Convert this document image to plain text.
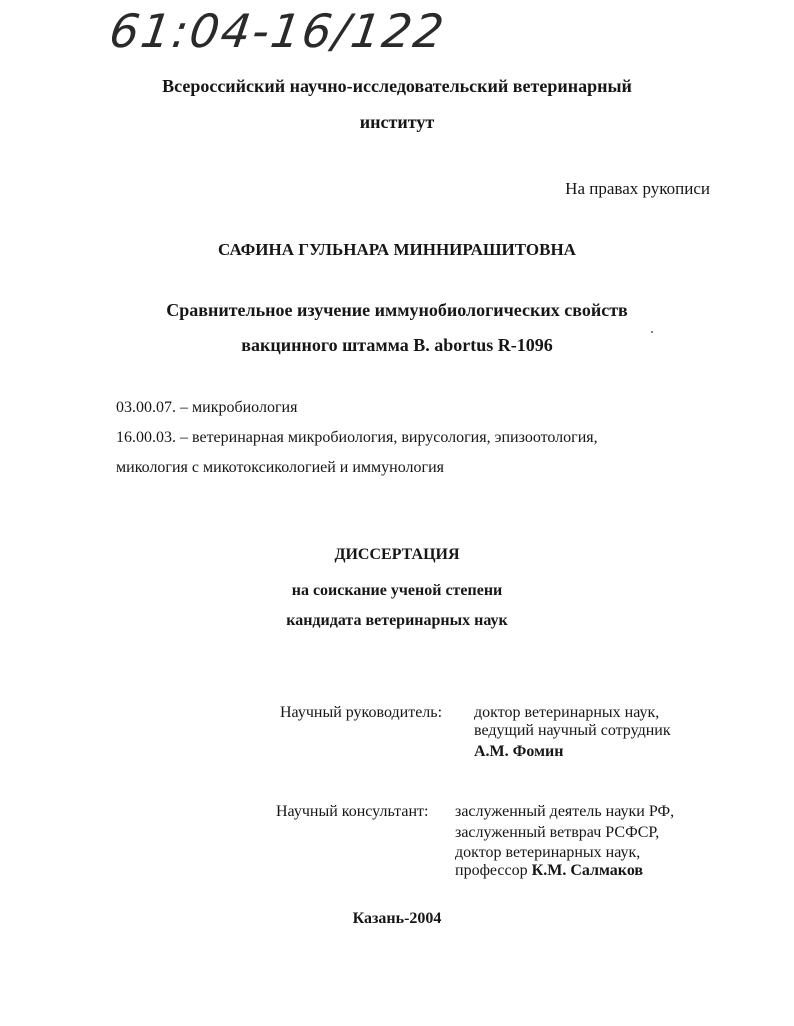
61:04-16/122
Всероссийский научно-исследовательский ветеринарный
институт
На правах рукописи
САФИНА ГУЛЬНАРА МИННИРАШИТОВНА
Сравнительное изучение иммунобиологических свойств
вакцинного штамма B. abortus R-1096
03.00.07. – микробиология
16.00.03. – ветеринарная микробиология, вирусология, эпизоотология,
микология с микотоксикологией и иммунология
ДИССЕРТАЦИЯ
на соискание ученой степени
кандидата ветеринарных наук
Научный руководитель: доктор ветеринарных наук,
ведущий научный сотрудник
А.М. Фомин
Научный консультант: заслуженный деятель науки РФ,
заслуженный ветврач РСФСР,
доктор ветеринарных наук,
профессор К.М. Салмаков
Казань-2004
